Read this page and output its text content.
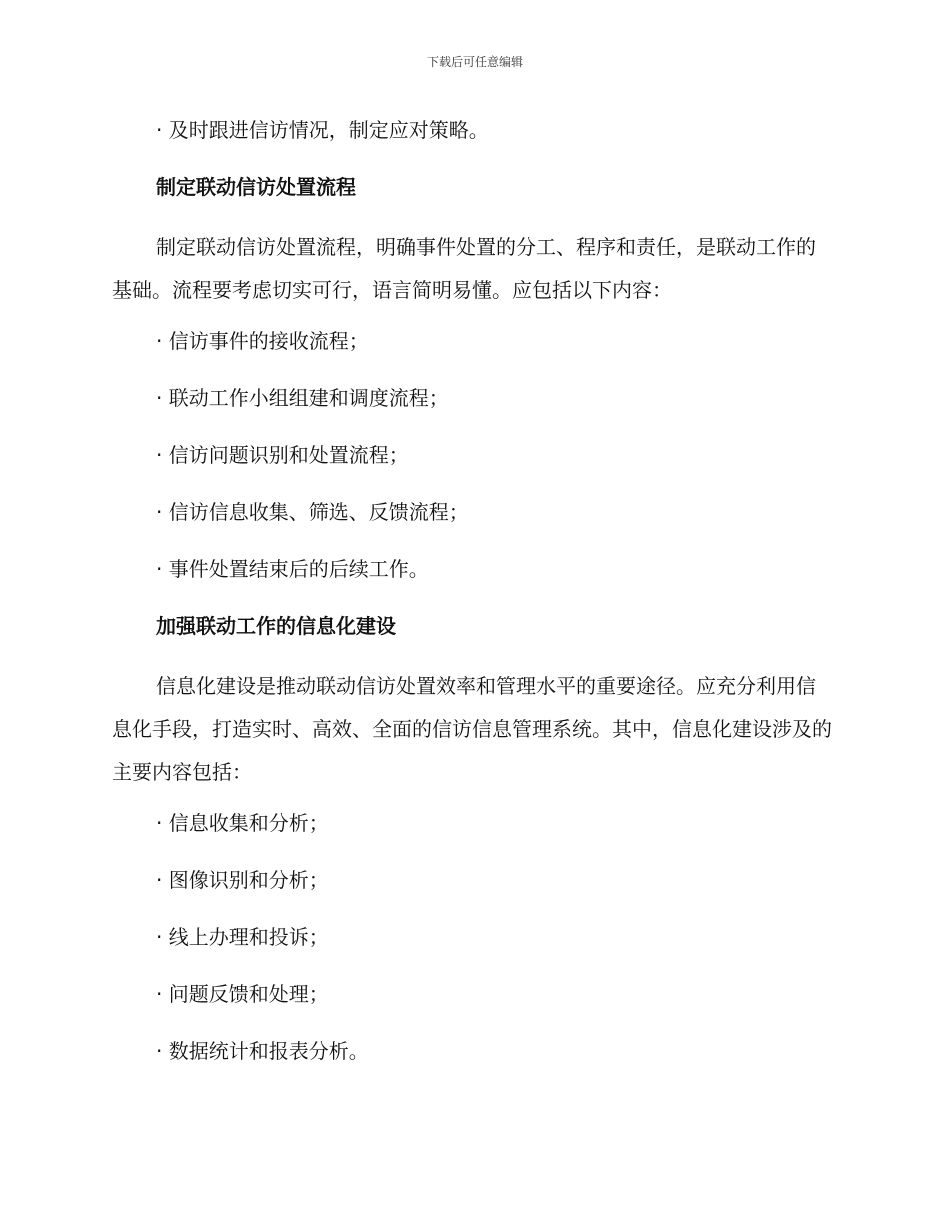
下载后可任意编辑
· 及时跟进信访情况，制定应对策略。
制定联动信访处置流程
制定联动信访处置流程，明确事件处置的分工、程序和责任，是联动工作的基础。流程要考虑切实可行，语言简明易懂。应包括以下内容：
· 信访事件的接收流程；
· 联动工作小组组建和调度流程；
· 信访问题识别和处置流程；
· 信访信息收集、筛选、反馈流程；
· 事件处置结束后的后续工作。
加强联动工作的信息化建设
信息化建设是推动联动信访处置效率和管理水平的重要途径。应充分利用信息化手段，打造实时、高效、全面的信访信息管理系统。其中，信息化建设涉及的主要内容包括：
· 信息收集和分析；
· 图像识别和分析；
· 线上办理和投诉；
· 问题反馈和处理；
· 数据统计和报表分析。
